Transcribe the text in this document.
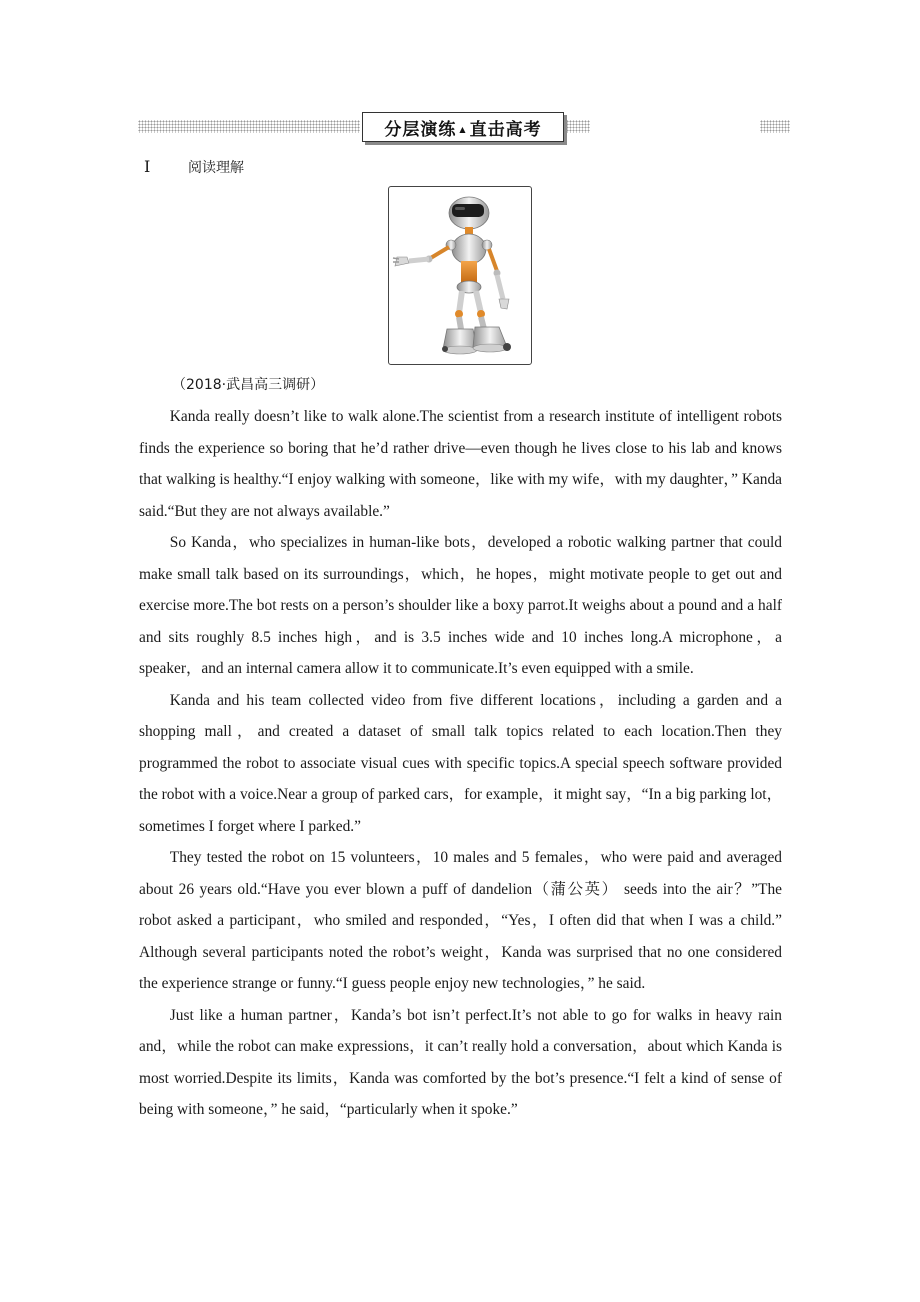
分层演练 ▲ 直击高考
Ⅰ	阅读理解
（2018·武昌高三调研）

Kanda really doesn’t like to walk alone.The scientist from a research institute of intelligent robots finds the experience so boring that he’d rather drive—even though he lives close to his lab and knows that walking is healthy.“I enjoy walking with someone，like with my wife，with my daughter，” Kanda said.“But they are not always available.”

So Kanda，who specializes in human-like bots，developed a robotic walking partner that could make small talk based on its surroundings，which，he hopes，might motivate people to get out and exercise more.The bot rests on a person’s shoulder like a boxy parrot.It weighs about a pound and a half and sits roughly 8.5 inches high，and is 3.5 inches wide and 10 inches long.A microphone，a speaker，and an internal camera allow it to communicate.It’s even equipped with a smile.

Kanda and his team collected video from five different locations，including a garden and a shopping mall，and created a dataset of small talk topics related to each location.Then they programmed the robot to associate visual cues with specific topics.A special speech software provided the robot with a voice.Near a group of parked cars，for example，it might say，“In a big parking lot， sometimes I forget where I parked.”

They tested the robot on 15 volunteers，10 males and 5 females，who were paid and averaged about 26 years old.“Have you ever blown a puff of dandelion（蒲公英） seeds into the air？”The robot asked a participant，who smiled and responded，“Yes，I often did that when I was a child.” Although several participants noted the robot’s weight，Kanda was surprised that no one considered the experience strange or funny.“I guess people enjoy new technologies，” he said.

Just like a human partner，Kanda’s bot isn’t perfect.It’s not able to go for walks in heavy rain and，while the robot can make expressions，it can’t really hold a conversation，about which Kanda is most worried.Despite its limits，Kanda was comforted by the bot’s presence.“I felt a kind of sense of being with someone，” he said，“particularly when it spoke.”
